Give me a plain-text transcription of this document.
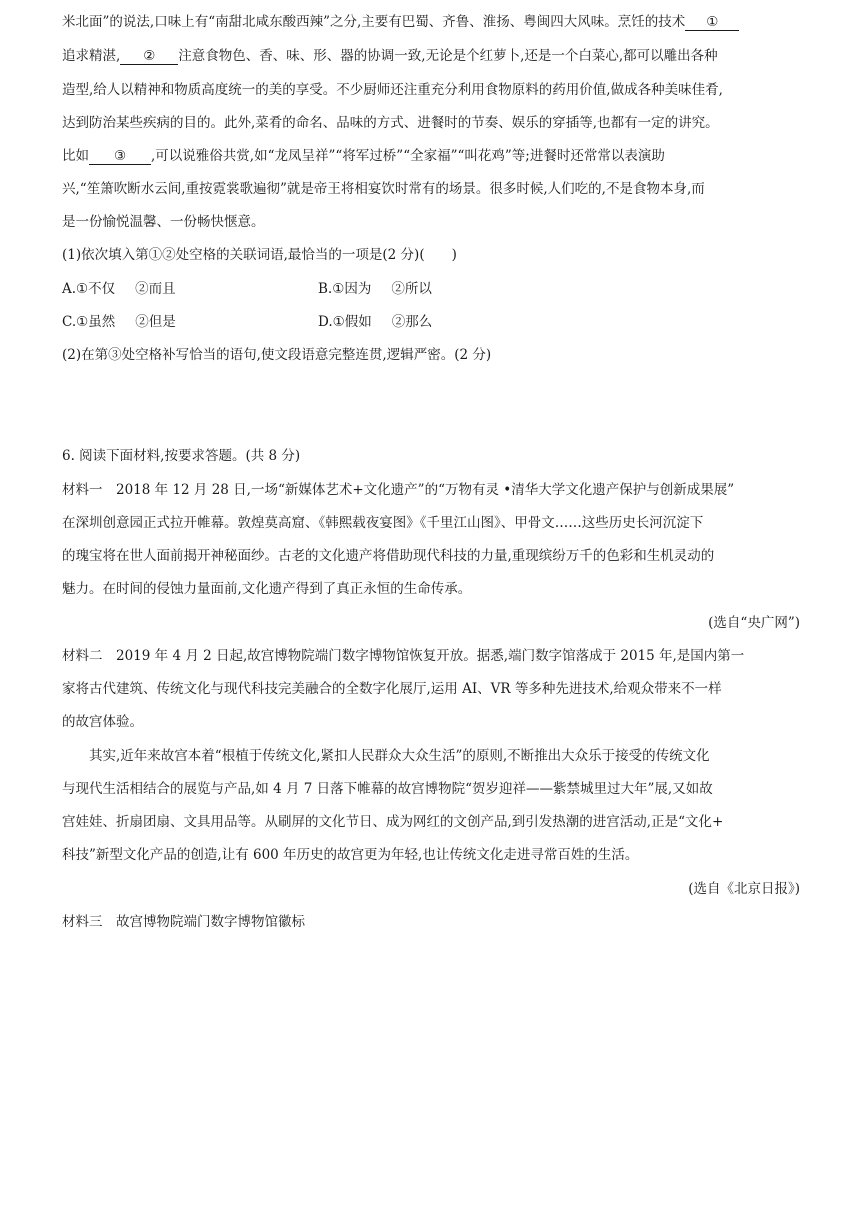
米北面”的说法,口味上有“南甜北咸东酸西辣”之分,主要有巴蜀、齐鲁、淮扬、粤闽四大风味。烹饪的技术 ①
追求精湛, ② 注意食物色、香、味、形、器的协调一致,无论是个红萝卜,还是一个白菜心,都可以雕出各种
造型,给人以精神和物质高度统一的美的享受。不少厨师还注重充分利用食物原料的药用价值,做成各种美味佳肴,
达到防治某些疾病的目的。此外,菜肴的命名、品味的方式、进餐时的节奏、娱乐的穿插等,也都有一定的讲究。
比如 ③ ,可以说雅俗共赏,如“龙凤呈祥”“将军过桥”“全家福”“叫花鸡”等;进餐时还常常以表演助
兴,“笙箫吹断水云间,重按霓裳歌遍彻”就是帝王将相宴饮时常有的场景。很多时候,人们吃的,不是食物本身,而
是一份愉悦温馨、一份畅快惬意。
(1)依次填入第①②处空格的关联词语,最恰当的一项是(2 分)(　　)
A.①不仅 ②而且	B.①因为 ②所以
C.①虽然 ②但是	D.①假如 ②那么
(2)在第③处空格补写恰当的语句,使文段语意完整连贯,逻辑严密。(2 分)
6. 阅读下面材料,按要求答题。(共 8 分)
材料一　2018 年 12 月 28 日,一场“新媒体艺术+文化遗产”的“万物有灵 •清华大学文化遗产保护与创新成果展”
在深圳创意园正式拉开帷幕。敦煌莫高窟、《韩熙载夜宴图》《千里江山图》、甲骨文……这些历史长河沉淀下
的瑰宝将在世人面前揭开神秘面纱。古老的文化遗产将借助现代科技的力量,重现缤纷万千的色彩和生机灵动的
魅力。在时间的侵蚀力量面前,文化遗产得到了真正永恒的生命传承。
(选自“央广网”)
材料二　2019 年 4 月 2 日起,故宫博物院端门数字博物馆恢复开放。据悉,端门数字馆落成于 2015 年,是国内第一
家将古代建筑、传统文化与现代科技完美融合的全数字化展厅,运用 AI、VR 等多种先进技术,给观众带来不一样
的故宫体验。
其实,近年来故宫本着“根植于传统文化,紧扣人民群众大众生活”的原则,不断推出大众乐于接受的传统文化
与现代生活相结合的展览与产品,如 4 月 7 日落下帷幕的故宫博物院“贺岁迎祥——紫禁城里过大年”展,又如故
宫娃娃、折扇团扇、文具用品等。从刷屏的文化节日、成为网红的文创产品,到引发热潮的进宫活动,正是“文化+
科技”新型文化产品的创造,让有 600 年历史的故宫更为年轻,也让传统文化走进寻常百姓的生活。
(选自《北京日报》)
材料三　故宫博物院端门数字博物馆徽标
